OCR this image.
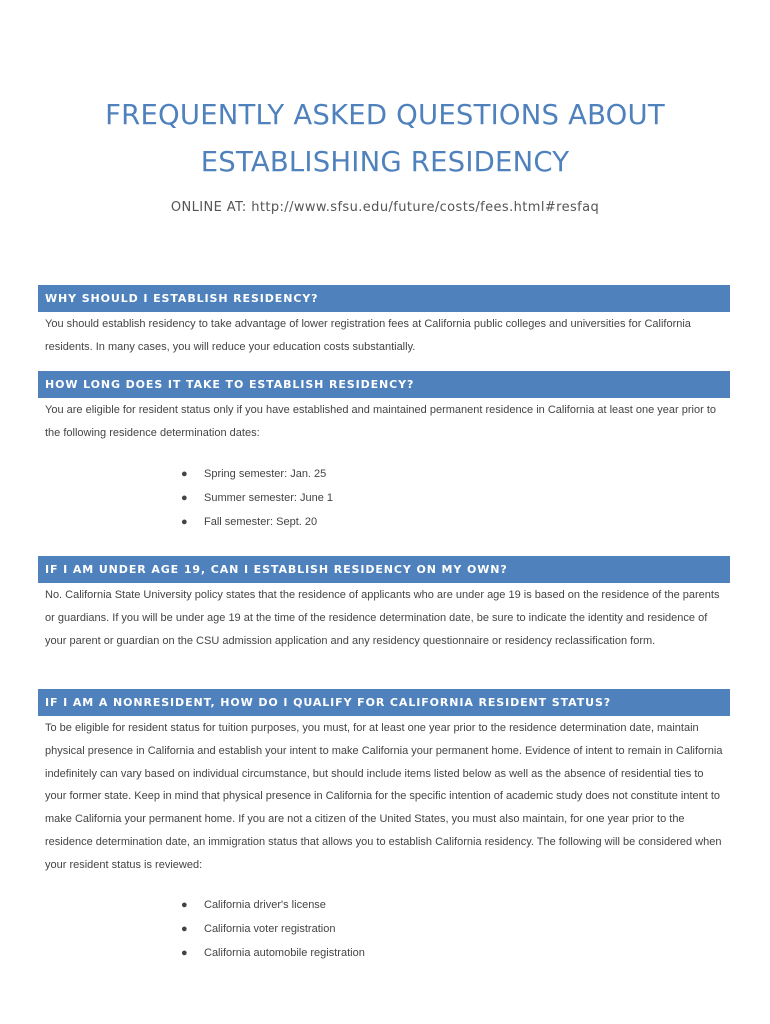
FREQUENTLY ASKED QUESTIONS ABOUT
ESTABLISHING RESIDENCY
ONLINE AT: http://www.sfsu.edu/future/costs/fees.html#resfaq
WHY SHOULD I ESTABLISH RESIDENCY?
You should establish residency to take advantage of lower registration fees at California public colleges and universities for California residents. In many cases, you will reduce your education costs substantially.
HOW LONG DOES IT TAKE TO ESTABLISH RESIDENCY?
You are eligible for resident status only if you have established and maintained permanent residence in California at least one year prior to the following residence determination dates:
● Spring semester: Jan. 25
● Summer semester: June 1
● Fall semester: Sept. 20
IF I AM UNDER AGE 19, CAN I ESTABLISH RESIDENCY ON MY OWN?
No. California State University policy states that the residence of applicants who are under age 19 is based on the residence of the parents or guardians. If you will be under age 19 at the time of the residence determination date, be sure to indicate the identity and residence of your parent or guardian on the CSU admission application and any residency questionnaire or residency reclassification form.
IF I AM A NONRESIDENT, HOW DO I QUALIFY FOR CALIFORNIA RESIDENT STATUS?
To be eligible for resident status for tuition purposes, you must, for at least one year prior to the residence determination date, maintain physical presence in California and establish your intent to make California your permanent home. Evidence of intent to remain in California indefinitely can vary based on individual circumstance, but should include items listed below as well as the absence of residential ties to your former state. Keep in mind that physical presence in California for the specific intention of academic study does not constitute intent to make California your permanent home. If you are not a citizen of the United States, you must also maintain, for one year prior to the residence determination date, an immigration status that allows you to establish California residency. The following will be considered when your resident status is reviewed:
● California driver's license
● California voter registration
● California automobile registration
